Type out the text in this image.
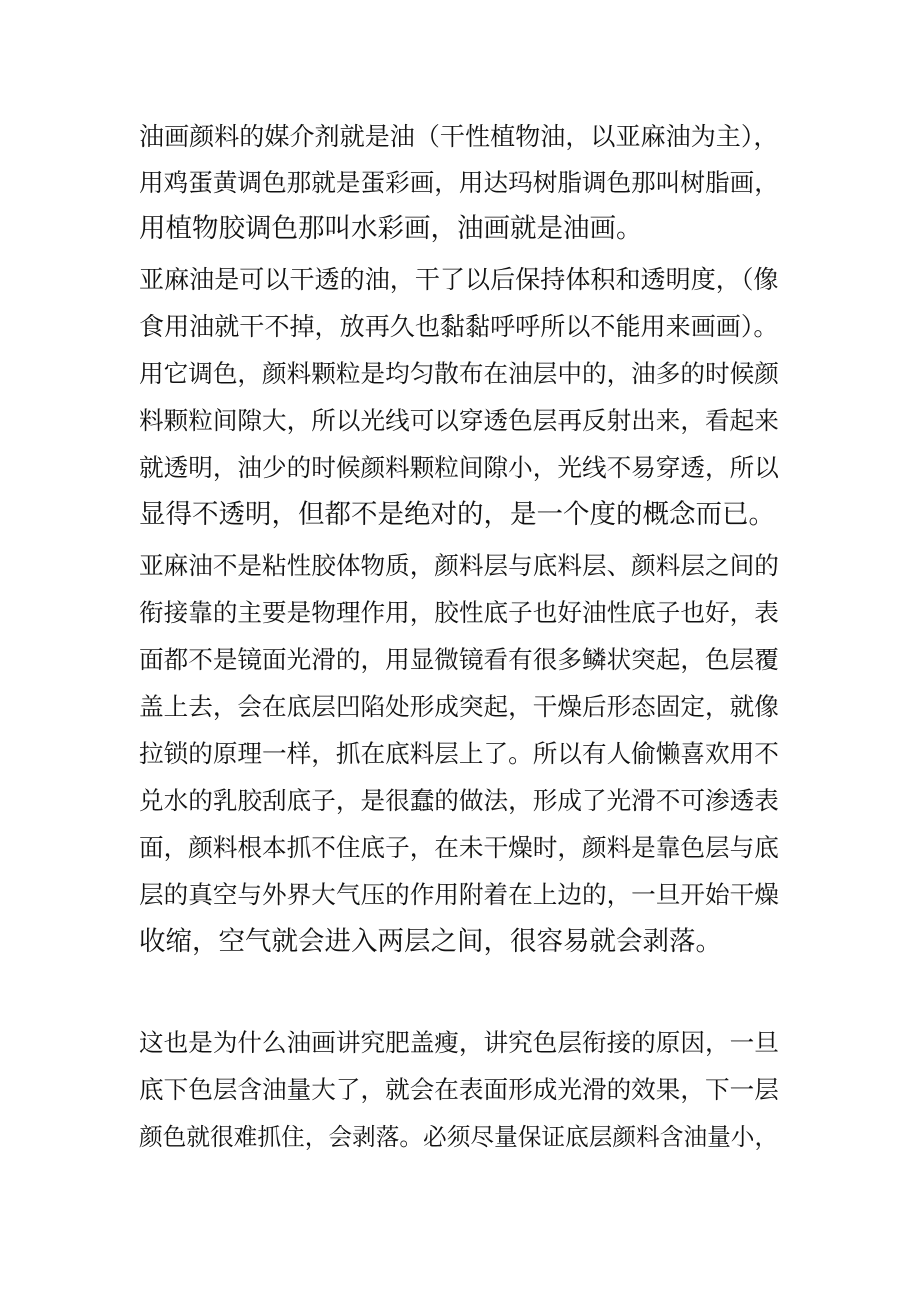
油画颜料的媒介剂就是油（干性植物油，以亚麻油为主），
用鸡蛋黄调色那就是蛋彩画，用达玛树脂调色那叫树脂画，
用植物胶调色那叫水彩画，油画就是油画。
亚麻油是可以干透的油，干了以后保持体积和透明度，（像
食用油就干不掉，放再久也黏黏呼呼所以不能用来画画）。
用它调色，颜料颗粒是均匀散布在油层中的，油多的时候颜
料颗粒间隙大，所以光线可以穿透色层再反射出来，看起来
就透明，油少的时候颜料颗粒间隙小，光线不易穿透，所以
显得不透明，但都不是绝对的，是一个度的概念而已。
亚麻油不是粘性胶体物质，颜料层与底料层、颜料层之间的
衔接靠的主要是物理作用，胶性底子也好油性底子也好，表
面都不是镜面光滑的，用显微镜看有很多鳞状突起，色层覆
盖上去，会在底层凹陷处形成突起，干燥后形态固定，就像
拉锁的原理一样，抓在底料层上了。所以有人偷懒喜欢用不
兑水的乳胶刮底子，是很蠢的做法，形成了光滑不可渗透表
面，颜料根本抓不住底子，在未干燥时，颜料是靠色层与底
层的真空与外界大气压的作用附着在上边的，一旦开始干燥
收缩，空气就会进入两层之间，很容易就会剥落。
这也是为什么油画讲究肥盖瘦，讲究色层衔接的原因，一旦
底下色层含油量大了，就会在表面形成光滑的效果，下一层
颜色就很难抓住，会剥落。必须尽量保证底层颜料含油量小，
